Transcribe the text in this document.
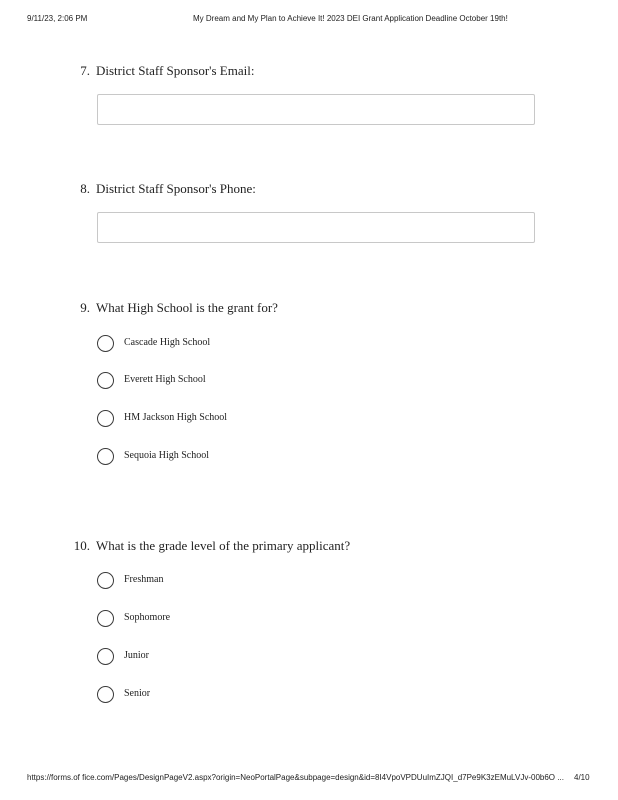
9/11/23, 2:06 PM	My Dream and My Plan to Achieve It! 2023 DEI Grant Application Deadline October 19th!
7. District Staff Sponsor's Email:
8. District Staff Sponsor's Phone:
9. What High School is the grant for?
Cascade High School
Everett High School
HM Jackson High School
Sequoia High School
10. What is the grade level of the primary applicant?
Freshman
Sophomore
Junior
Senior
https://forms.of fice.com/Pages/DesignPageV2.aspx?origin=NeoPortalPage&subpage=design&id=8I4VpoVPDUuImZJQI_d7Pe9K3zEMuL VJv-00b6O ... 4/10
